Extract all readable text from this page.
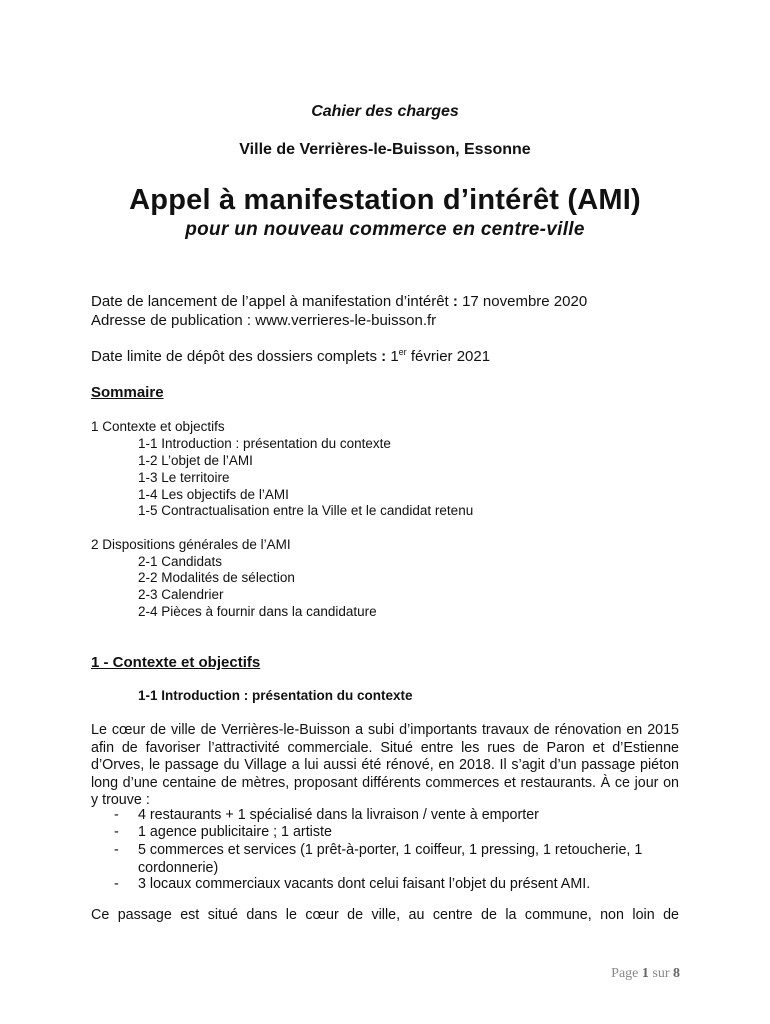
Cahier des charges
Ville de Verrières-le-Buisson, Essonne
Appel à manifestation d’intérêt (AMI)
pour un nouveau commerce en centre-ville
Date de lancement de l’appel à manifestation d’intérêt : 17 novembre 2020
Adresse de publication : www.verrieres-le-buisson.fr
Date limite de dépôt des dossiers complets : 1er février 2021
Sommaire
1 Contexte et objectifs
1-1 Introduction : présentation du contexte
1-2 L’objet de l’AMI
1-3 Le territoire
1-4 Les objectifs de l’AMI
1-5 Contractualisation entre la Ville et le candidat retenu
2 Dispositions générales de l’AMI
2-1 Candidats
2-2 Modalités de sélection
2-3 Calendrier
2-4 Pièces à fournir dans la candidature
1 - Contexte et objectifs
1-1 Introduction : présentation du contexte
Le cœur de ville de Verrières-le-Buisson a subi d’importants travaux de rénovation en 2015 afin de favoriser l’attractivité commerciale. Situé entre les rues de Paron et d’Estienne d’Orves, le passage du Village a lui aussi été rénové, en 2018. Il s’agit d’un passage piéton long d’une centaine de mètres, proposant différents commerces et restaurants. À ce jour on y trouve :
- 4 restaurants + 1 spécialisé dans la livraison / vente à emporter
- 1 agence publicitaire ; 1 artiste
- 5 commerces et services (1 prêt-à-porter, 1 coiffeur, 1 pressing, 1 retoucherie, 1 cordonnerie)
- 3 locaux commerciaux vacants dont celui faisant l’objet du présent AMI.
Ce passage est situé dans le cœur de ville, au centre de la commune, non loin de
Page 1 sur 8
